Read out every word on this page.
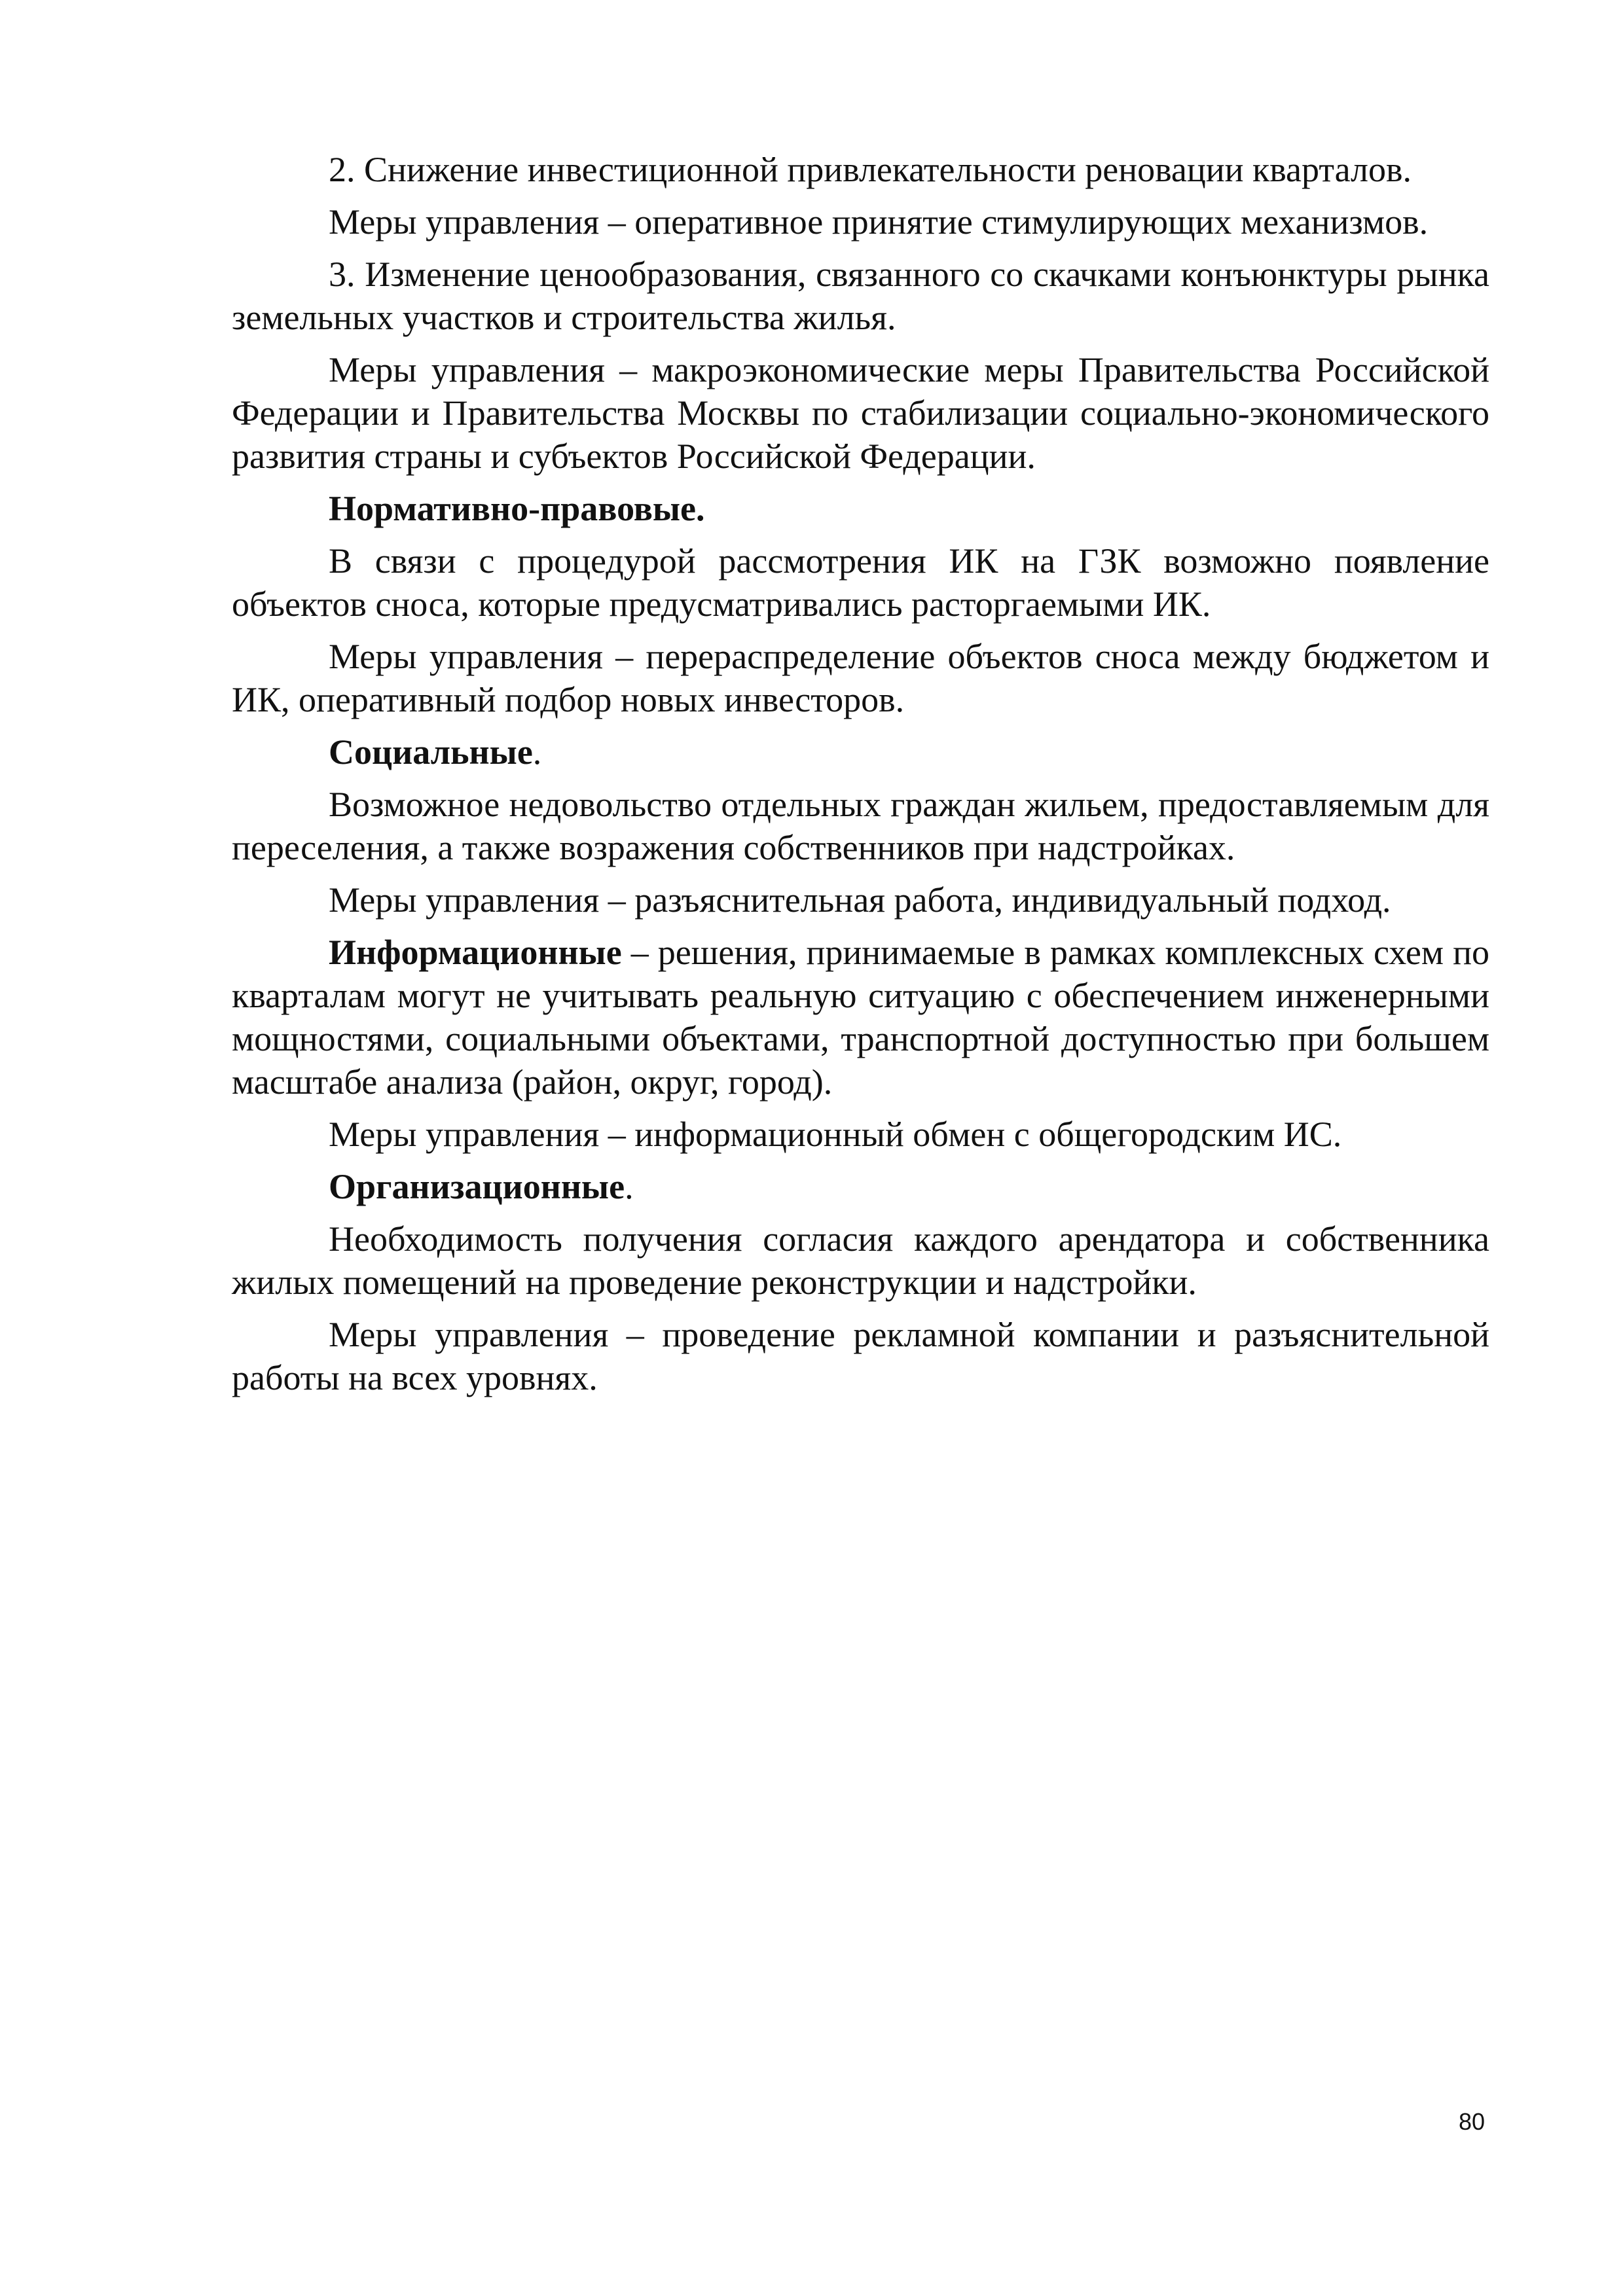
2. Снижение инвестиционной привлекательности реновации кварталов.

Меры управления – оперативное принятие стимулирующих механизмов.

3. Изменение ценообразования, связанного со скачками конъюнктуры рынка земельных участков и строительства жилья.

Меры управления – макроэкономические меры Правительства Российской Федерации и Правительства Москвы по стабилизации социально-экономического развития страны и субъектов Российской Федерации.

Нормативно-правовые.

В связи с процедурой рассмотрения ИК на ГЗК возможно появление объектов сноса, которые предусматривались расторгаемыми ИК.

Меры управления – перераспределение объектов сноса между бюджетом и ИК, оперативный подбор новых инвесторов.

Социальные.

Возможное недовольство отдельных граждан жильем, предоставляемым для переселения, а также возражения собственников при надстройках.

Меры управления – разъяснительная работа, индивидуальный подход.

Информационные – решения, принимаемые в рамках комплексных схем по кварталам могут не учитывать реальную ситуацию с обеспечением инженерными мощностями, социальными объектами, транспортной доступностью при большем масштабе анализа (район, округ, город).

Меры управления – информационный обмен с общегородским ИС.

Организационные.

Необходимость получения согласия каждого арендатора и собственника жилых помещений на проведение реконструкции и надстройки.

Меры управления – проведение рекламной компании и разъяснительной работы на всех уровнях.

80
